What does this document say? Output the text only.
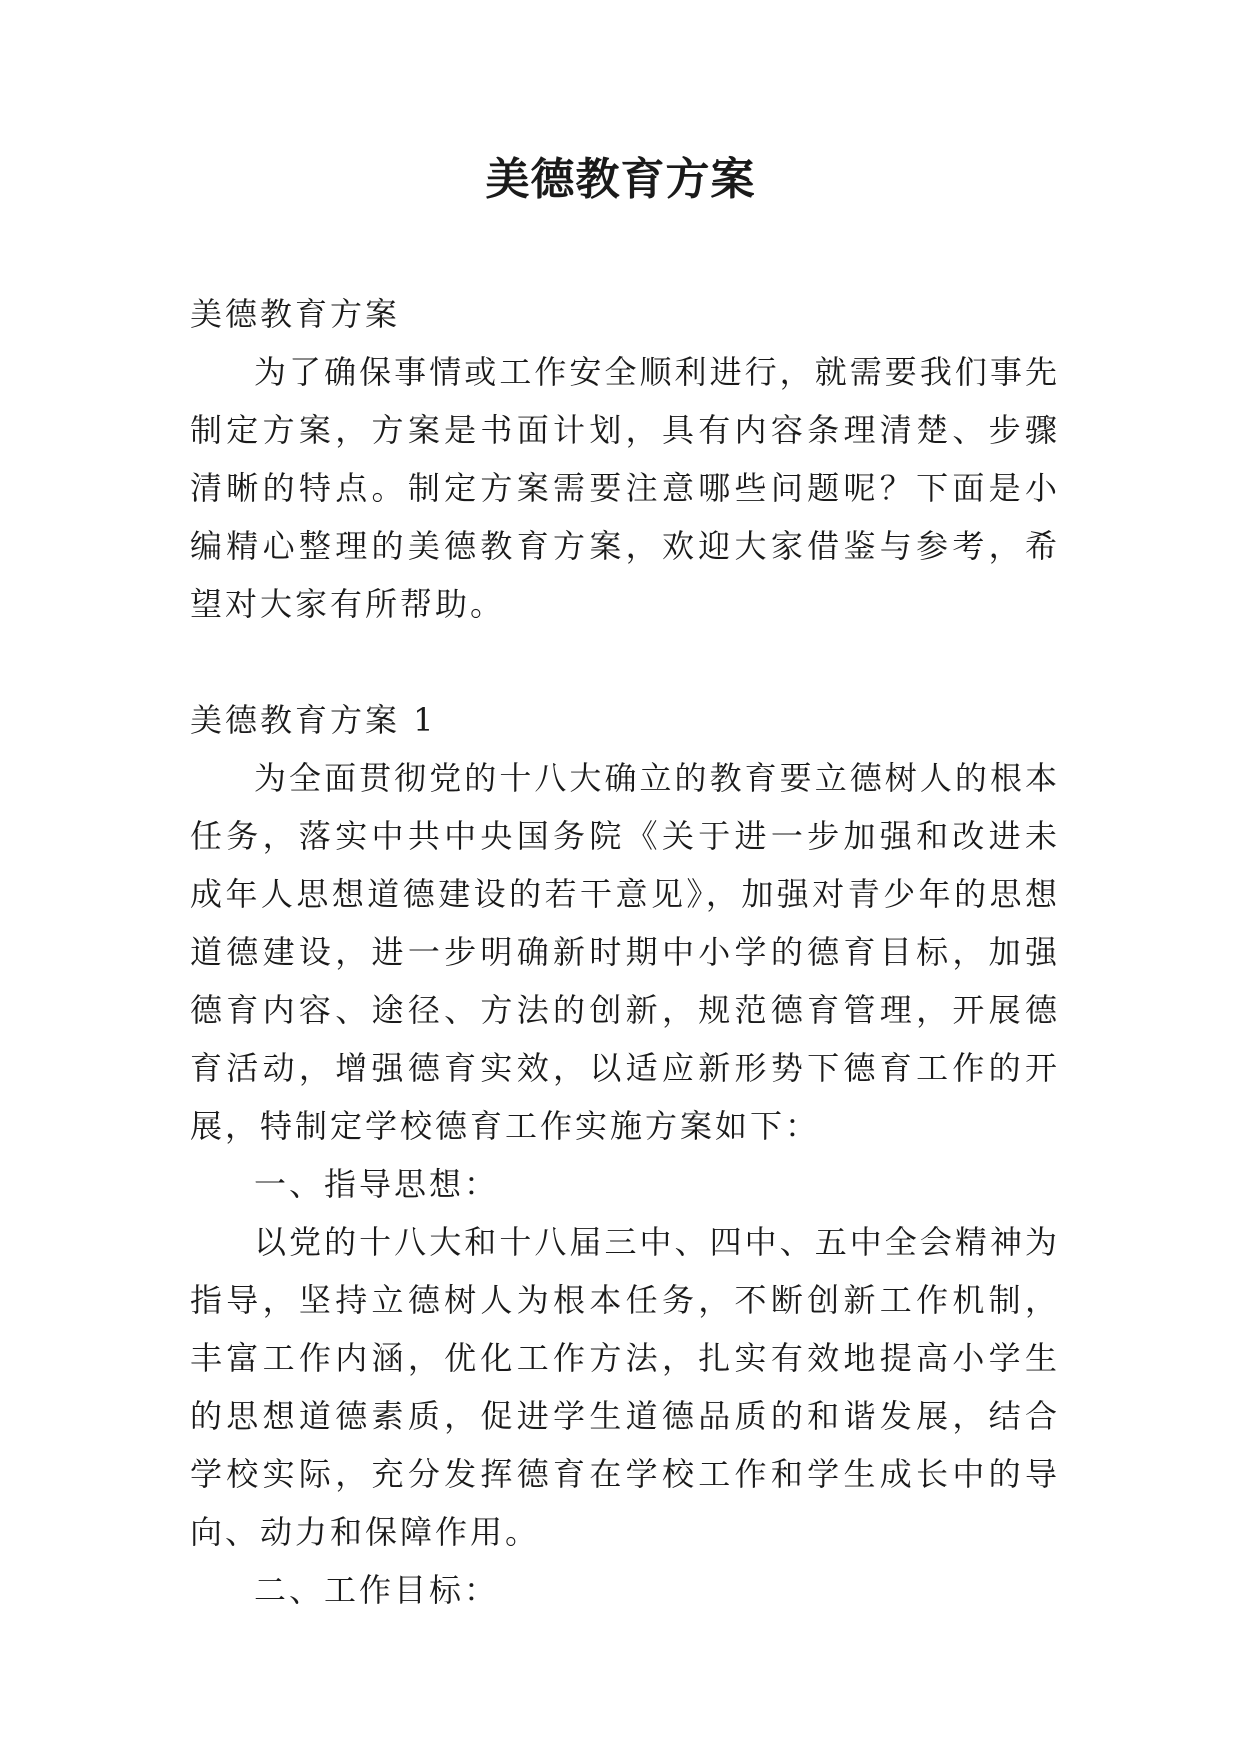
美德教育方案

美德教育方案

为了确保事情或工作安全顺利进行，就需要我们事先制定方案，方案是书面计划，具有内容条理清楚、步骤清晰的特点。制定方案需要注意哪些问题呢？下面是小编精心整理的美德教育方案，欢迎大家借鉴与参考，希望对大家有所帮助。

美德教育方案 1

为全面贯彻党的十八大确立的教育要立德树人的根本任务，落实中共中央国务院《关于进一步加强和改进未成年人思想道德建设的若干意见》，加强对青少年的思想道德建设，进一步明确新时期中小学的德育目标，加强德育内容、途径、方法的创新，规范德育管理，开展德育活动，增强德育实效，以适应新形势下德育工作的开展，特制定学校德育工作实施方案如下：

一、指导思想：

以党的十八大和十八届三中、四中、五中全会精神为指导，坚持立德树人为根本任务，不断创新工作机制，丰富工作内涵，优化工作方法，扎实有效地提高小学生的思想道德素质，促进学生道德品质的和谐发展，结合学校实际，充分发挥德育在学校工作和学生成长中的导向、动力和保障作用。

二、工作目标：
